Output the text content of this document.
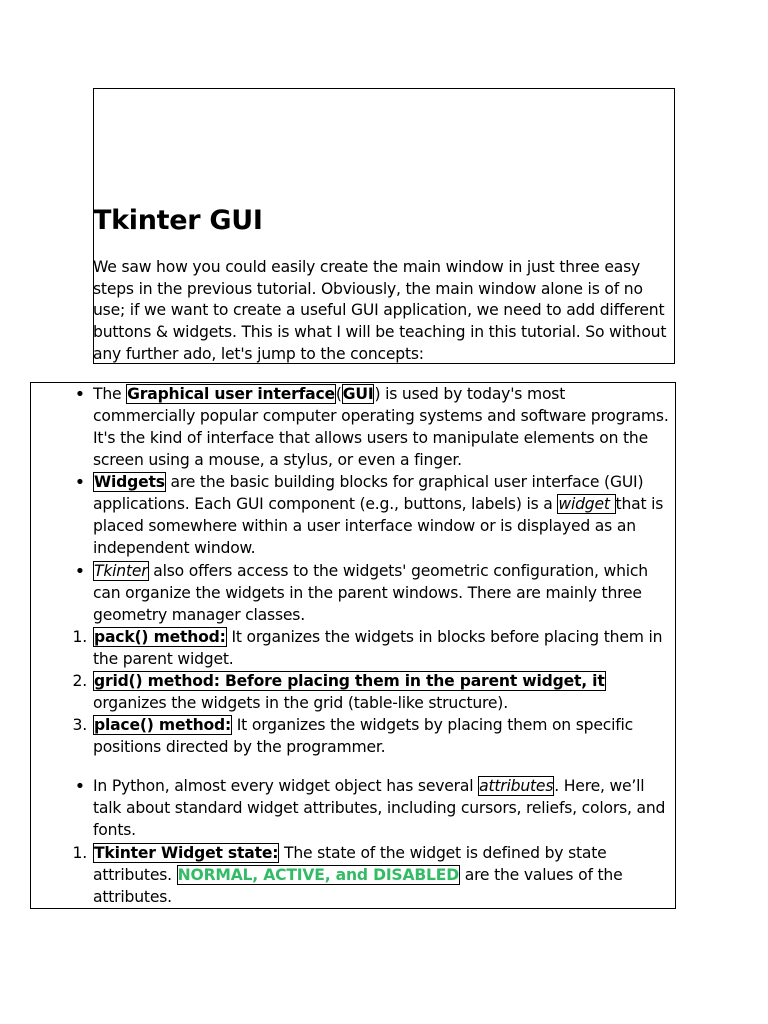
Tkinter GUI

We saw how you could easily create the main window in just three easy steps in the previous tutorial. Obviously, the main window alone is of no use; if we want to create a useful GUI application, we need to add different buttons & widgets. This is what I will be teaching in this tutorial. So without any further ado, let's jump to the concepts:

• The Graphical user interface(GUI) is used by today's most commercially popular computer operating systems and software programs. It's the kind of interface that allows users to manipulate elements on the screen using a mouse, a stylus, or even a finger.
• Widgets are the basic building blocks for graphical user interface (GUI) applications. Each GUI component (e.g., buttons, labels) is a widget that is placed somewhere within a user interface window or is displayed as an independent window.
• Tkinter also offers access to the widgets' geometric configuration, which can organize the widgets in the parent windows. There are mainly three geometry manager classes.
1. pack() method: It organizes the widgets in blocks before placing them in the parent widget.
2. grid() method: Before placing them in the parent widget, it organizes the widgets in the grid (table-like structure).
3. place() method: It organizes the widgets by placing them on specific positions directed by the programmer.
• In Python, almost every widget object has several attributes. Here, we’ll talk about standard widget attributes, including cursors, reliefs, colors, and fonts.
1. Tkinter Widget state: The state of the widget is defined by state attributes. NORMAL, ACTIVE, and DISABLED are the values of the attributes.
